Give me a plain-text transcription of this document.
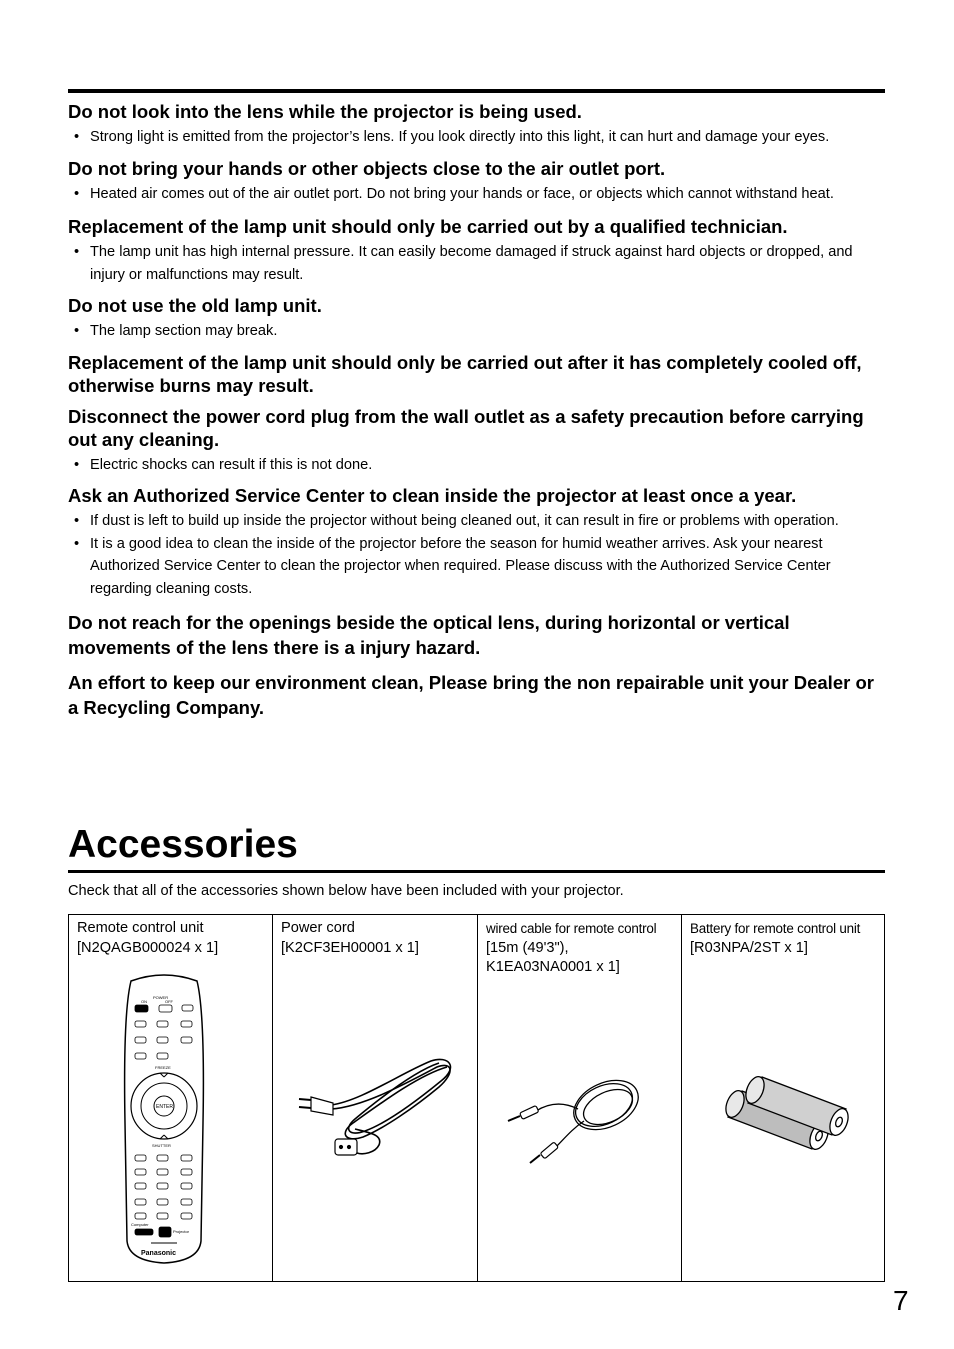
Do not look into the lens while the projector is being used.
• Strong light is emitted from the projector’s lens. If you look directly into this light, it can hurt and damage your eyes.
Do not bring your hands or other objects close to the air outlet port.
• Heated air comes out of the air outlet port. Do not bring your hands or face, or objects which cannot withstand heat.
Replacement of the lamp unit should only be carried out by a qualified technician.
• The lamp unit has high internal pressure. It can easily become damaged if struck against hard objects or dropped, and injury or malfunctions may result.
Do not use the old lamp unit.
• The lamp section may break.
Replacement of the lamp unit should only be carried out after it has completely cooled off, otherwise burns may result.
Disconnect the power cord plug from the wall outlet as a safety precaution before carrying out any cleaning.
• Electric shocks can result if this is not done.
Ask an Authorized Service Center to clean inside the projector at least once a year.
• If dust is left to build up inside the projector without being cleaned out, it can result in fire or problems with operation.
• It is a good idea to clean the inside of the projector before the season for humid weather arrives. Ask your nearest Authorized Service Center to clean the projector when required. Please discuss with the Authorized Service Center regarding cleaning costs.
Do not reach for the openings beside the optical lens, during horizontal or vertical movements of the lens there is a injury hazard.
An effort to keep our environment clean, Please bring the non repairable unit your Dealer or a Recycling Company.
Accessories
Check that all of the accessories shown below have been included with your projector.
Remote control unit
[N2QAGB000024 x 1]
ON
POWER
OFF
ENTER
FREEZE
SHUTTER
Computer
Projector
Panasonic
Power cord
[K2CF3EH00001 x 1]
wired cable for remote control
[15m (49'3"),
K1EA03NA0001 x 1]
Battery for remote control unit
[R03NPA/2ST x 1]
7
